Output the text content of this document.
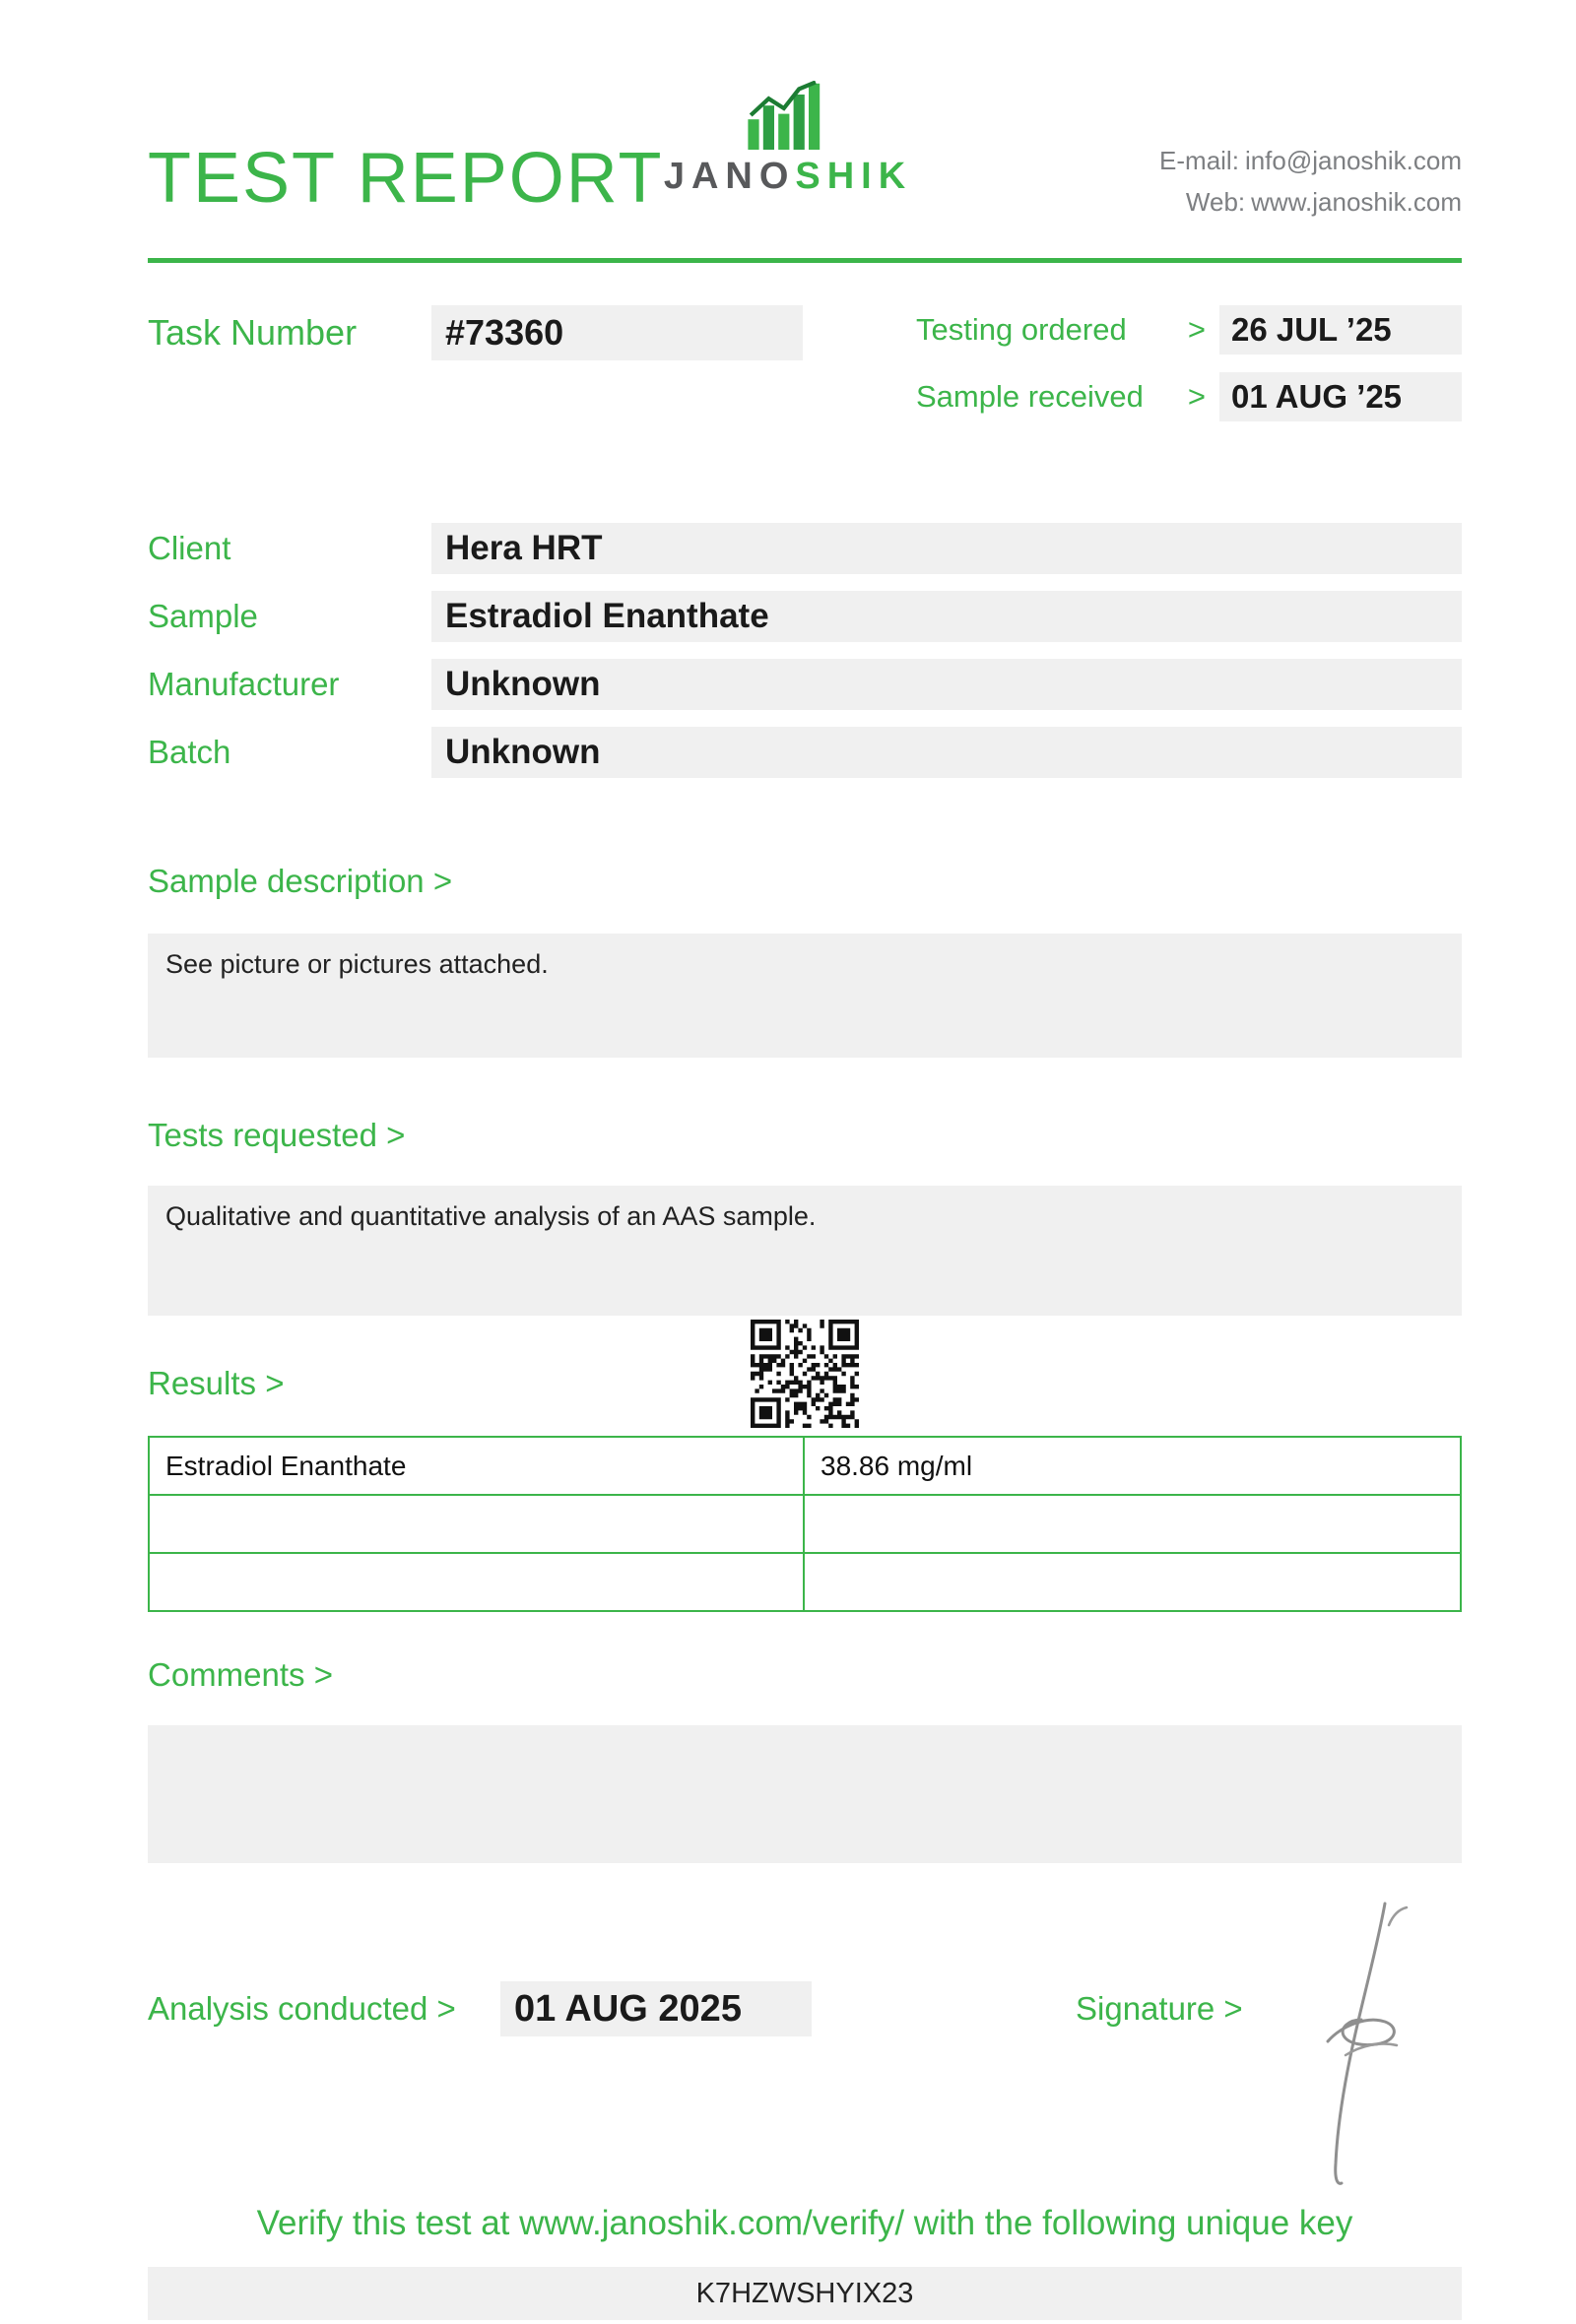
TEST REPORT JANOSHIK	E-mail: info@janoshik.com
Web: www.janoshik.com
Task Number	#73360	Testing ordered	> 26 JUL ’25
Sample received	> 01 AUG ’25
Client	Hera HRT
Sample	Estradiol Enanthate
Manufacturer	Unknown
Batch	Unknown
Sample description >
See picture or pictures attached.
Tests requested >
Qualitative and quantitative analysis of an AAS sample.
Results >
Estradiol Enanthate	38.86 mg/ml

Comments >
Analysis conducted >	01 AUG 2025	Signature >
Verify this test at www.janoshik.com/verify/ with the following unique key
K7HZWSHYIX23
